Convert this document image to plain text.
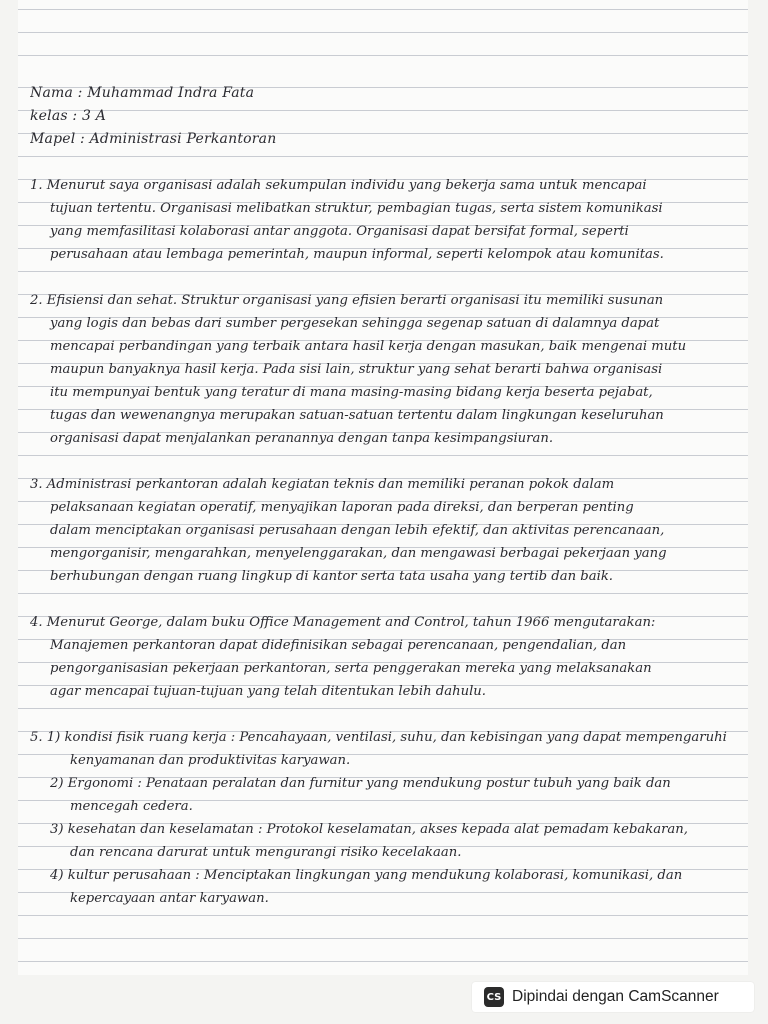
Nama : Muhammad Indra Fata
kelas : 3 A
Mapel : Administrasi Perkantoran
1. Menurut saya organisasi adalah sekumpulan individu yang bekerja sama untuk mencapai
tujuan tertentu. Organisasi melibatkan struktur, pembagian tugas, serta sistem komunikasi
yang memfasilitasi kolaborasi antar anggota. Organisasi dapat bersifat formal, seperti
perusahaan atau lembaga pemerintah, maupun informal, seperti kelompok atau komunitas.
2. Efisiensi dan sehat. Struktur organisasi yang efisien berarti organisasi itu memiliki susunan
yang logis dan bebas dari sumber pergesekan sehingga segenap satuan di dalamnya dapat
mencapai perbandingan yang terbaik antara hasil kerja dengan masukan, baik mengenai mutu
maupun banyaknya hasil kerja. Pada sisi lain, struktur yang sehat berarti bahwa organisasi
itu mempunyai bentuk yang teratur di mana masing-masing bidang kerja beserta pejabat,
tugas dan wewenangnya merupakan satuan-satuan tertentu dalam lingkungan keseluruhan
organisasi dapat menjalankan peranannya dengan tanpa kesimpangsiuran.
3. Administrasi perkantoran adalah kegiatan teknis dan memiliki peranan pokok dalam
pelaksanaan kegiatan operatif, menyajikan laporan pada direksi, dan berperan penting
dalam menciptakan organisasi perusahaan dengan lebih efektif, dan aktivitas perencanaan,
mengorganisir, mengarahkan, menyelenggarakan, dan mengawasi berbagai pekerjaan yang
berhubungan dengan ruang lingkup di kantor serta tata usaha yang tertib dan baik.
4. Menurut George, dalam buku Office Management and Control, tahun 1966 mengutarakan:
Manajemen perkantoran dapat didefinisikan sebagai perencanaan, pengendalian, dan
pengorganisasian pekerjaan perkantoran, serta penggerakan mereka yang melaksanakan
agar mencapai tujuan-tujuan yang telah ditentukan lebih dahulu.
5. 1) kondisi fisik ruang kerja : Pencahayaan, ventilasi, suhu, dan kebisingan yang dapat mempengaruhi
kenyamanan dan produktivitas karyawan.
2) Ergonomi : Penataan peralatan dan furnitur yang mendukung postur tubuh yang baik dan
mencegah cedera.
3) kesehatan dan keselamatan : Protokol keselamatan, akses kepada alat pemadam kebakaran,
dan rencana darurat untuk mengurangi risiko kecelakaan.
4) kultur perusahaan : Menciptakan lingkungan yang mendukung kolaborasi, komunikasi, dan
kepercayaan antar karyawan.
CS Dipindai dengan CamScanner
